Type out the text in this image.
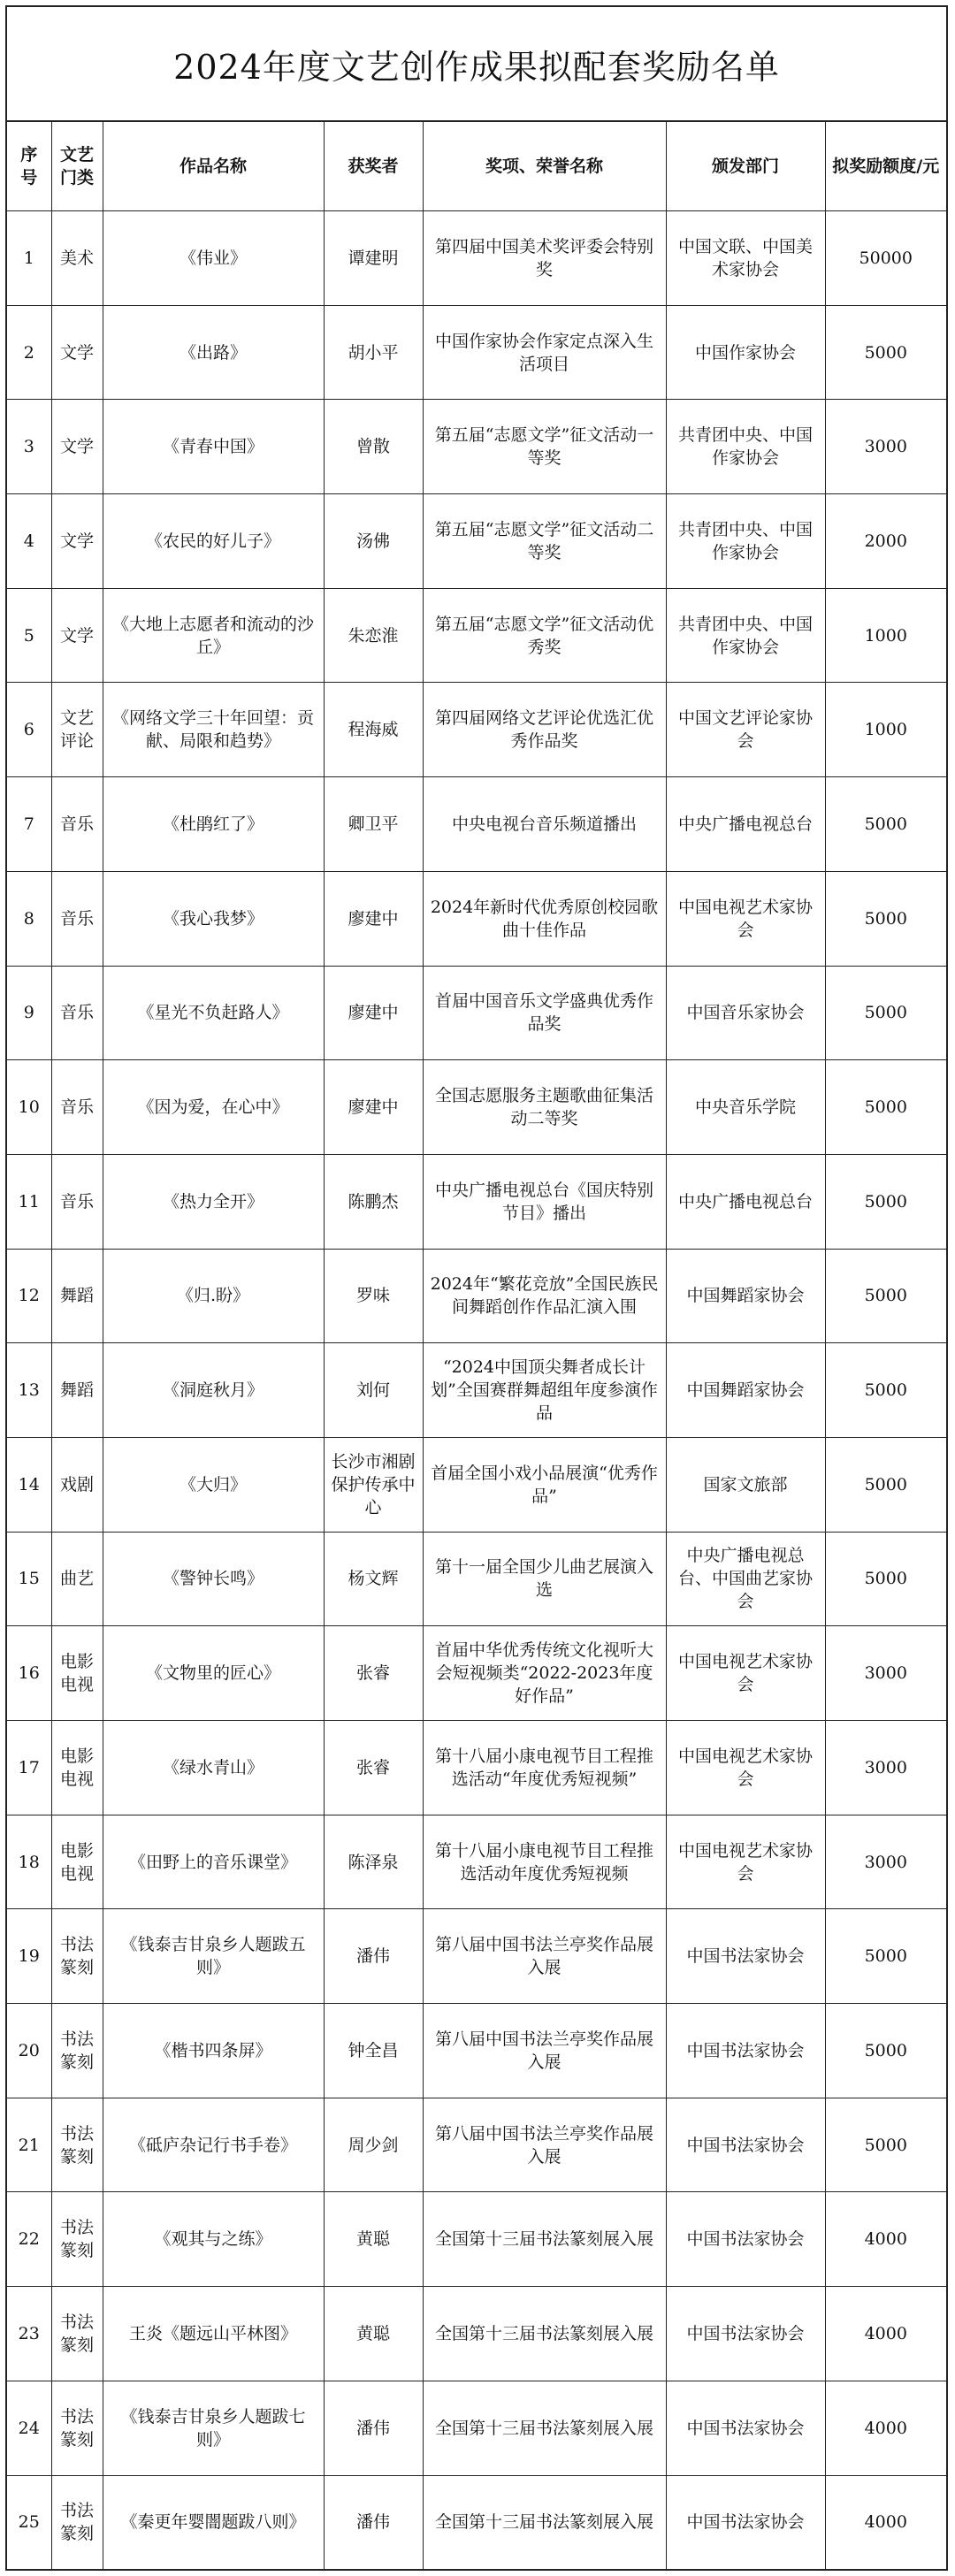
2024年度文艺创作成果拟配套奖励名单
序号	文艺门类	作品名称	获奖者	奖项、荣誉名称	颁发部门	拟奖励额度/元
1	美术	《伟业》	谭建明	第四届中国美术奖评委会特别奖	中国文联、中国美术家协会	50000
2	文学	《出路》	胡小平	中国作家协会作家定点深入生活项目	中国作家协会	5000
3	文学	《青春中国》	曾散	第五届“志愿文学”征文活动一等奖	共青团中央、中国作家协会	3000
4	文学	《农民的好儿子》	汤佛	第五届“志愿文学”征文活动二等奖	共青团中央、中国作家协会	2000
5	文学	《大地上志愿者和流动的沙丘》	朱恋淮	第五届“志愿文学”征文活动优秀奖	共青团中央、中国作家协会	1000
6	文艺评论	《网络文学三十年回望：贡献、局限和趋势》	程海威	第四届网络文艺评论优选汇优秀作品奖	中国文艺评论家协会	1000
7	音乐	《杜鹃红了》	卿卫平	中央电视台音乐频道播出	中央广播电视总台	5000
8	音乐	《我心我梦》	廖建中	2024年新时代优秀原创校园歌曲十佳作品	中国电视艺术家协会	5000
9	音乐	《星光不负赶路人》	廖建中	首届中国音乐文学盛典优秀作品奖	中国音乐家协会	5000
10	音乐	《因为爱，在心中》	廖建中	全国志愿服务主题歌曲征集活动二等奖	中央音乐学院	5000
11	音乐	《热力全开》	陈鹏杰	中央广播电视总台《国庆特别节目》播出	中央广播电视总台	5000
12	舞蹈	《归.盼》	罗味	2024年“繁花竞放”全国民族民间舞蹈创作作品汇演入围	中国舞蹈家协会	5000
13	舞蹈	《洞庭秋月》	刘何	“2024中国顶尖舞者成长计划”全国赛群舞超组年度参演作品	中国舞蹈家协会	5000
14	戏剧	《大归》	长沙市湘剧保护传承中心	首届全国小戏小品展演“优秀作品”	国家文旅部	5000
15	曲艺	《警钟长鸣》	杨文辉	第十一届全国少儿曲艺展演入选	中央广播电视总台、中国曲艺家协会	5000
16	电影电视	《文物里的匠心》	张睿	首届中华优秀传统文化视听大会短视频类“2022-2023年度好作品”	中国电视艺术家协会	3000
17	电影电视	《绿水青山》	张睿	第十八届小康电视节目工程推选活动“年度优秀短视频”	中国电视艺术家协会	3000
18	电影电视	《田野上的音乐课堂》	陈泽泉	第十八届小康电视节目工程推选活动年度优秀短视频	中国电视艺术家协会	3000
19	书法篆刻	《钱泰吉甘泉乡人题跋五则》	潘伟	第八届中国书法兰亭奖作品展入展	中国书法家协会	5000
20	书法篆刻	《楷书四条屏》	钟全昌	第八届中国书法兰亭奖作品展入展	中国书法家协会	5000
21	书法篆刻	《砥庐杂记行书手卷》	周少剑	第八届中国书法兰亭奖作品展入展	中国书法家协会	5000
22	书法篆刻	《观其与之练》	黄聪	全国第十三届书法篆刻展入展	中国书法家协会	4000
23	书法篆刻	王炎《题远山平林图》	黄聪	全国第十三届书法篆刻展入展	中国书法家协会	4000
24	书法篆刻	《钱泰吉甘泉乡人题跋七则》	潘伟	全国第十三届书法篆刻展入展	中国书法家协会	4000
25	书法篆刻	《秦更年婴闇题跋八则》	潘伟	全国第十三届书法篆刻展入展	中国书法家协会	4000
